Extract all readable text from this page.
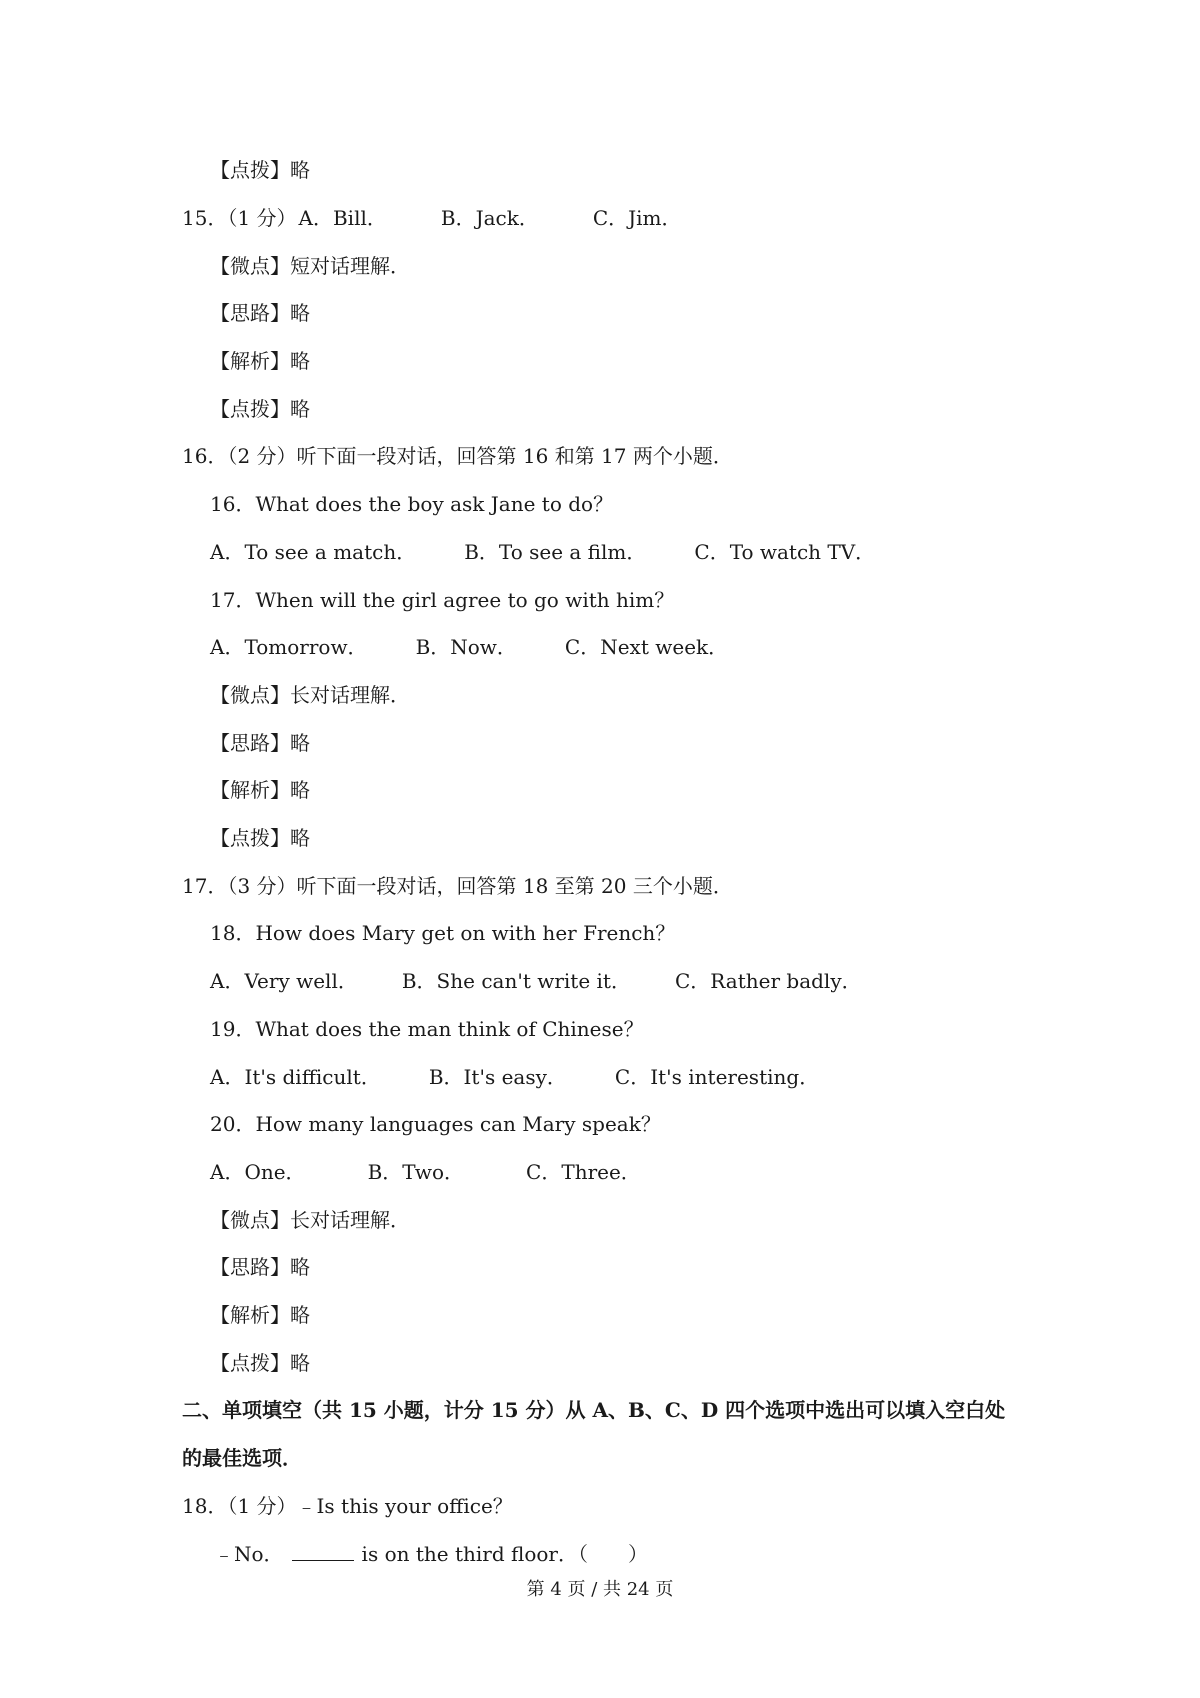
【点拨】略
15．（1 分） A．Bill．	B．Jack．	C．Jim．
【微点】短对话理解．
【思路】略
【解析】略
【点拨】略
16．（2 分）听下面一段对话，回答第 16 和第 17 两个小题．
16．What does the boy ask Jane to do？
A．To see a match． B．To see a film． C．To watch TV．
17．When will the girl agree to go with him？
A．Tomorrow． B．Now． C．Next week．
【微点】长对话理解．
【思路】略
【解析】略
【点拨】略
17．（3 分）听下面一段对话，回答第 18 至第 20 三个小题．
18．How does Mary get on with her French？
A．Very well． B．She can't write it． C．Rather badly．
19．What does the man think of Chinese？
A．It's difficult． B．It's easy． C．It's interesting．
20．How many languages can Mary speak？
A．One．	B．Two．	C．Three．
【微点】长对话理解．
【思路】略
【解析】略
【点拨】略
二、单项填空（共 15 小题，计分 15 分）从 A、B、C、D 四个选项中选出可以填入空白处
的最佳选项．
18．（1 分）﹣Is this your office？
﹣No．	is on the third floor．（　　）
第 4 页 / 共 24 页
